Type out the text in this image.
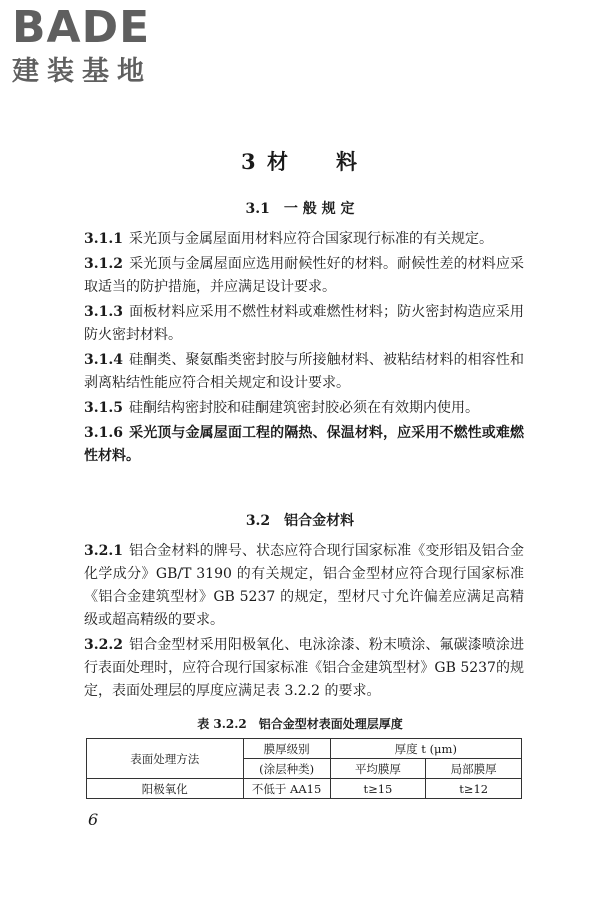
BADE
建装基地
3 材　　料
3.1　一 般 规 定

3.1.1 采光顶与金属屋面用材料应符合国家现行标准的有关规定。

3.1.2 采光顶与金属屋面应选用耐候性好的材料。耐候性差的材料应采取适当的防护措施，并应满足设计要求。

3.1.3 面板材料应采用不燃性材料或难燃性材料；防火密封构造应采用防火密封材料。

3.1.4 硅酮类、聚氨酯类密封胶与所接触材料、被粘结材料的相容性和剥离粘结性能应符合相关规定和设计要求。

3.1.5 硅酮结构密封胶和硅酮建筑密封胶必须在有效期内使用。

3.1.6 采光顶与金属屋面工程的隔热、保温材料，应采用不燃性或难燃性材料。

3.2　铝合金材料

3.2.1 铝合金材料的牌号、状态应符合现行国家标准《变形铝及铝合金化学成分》GB/T 3190 的有关规定，铝合金型材应符合现行国家标准《铝合金建筑型材》GB 5237 的规定，型材尺寸允许偏差应满足高精级或超高精级的要求。

3.2.2 铝合金型材采用阳极氧化、电泳涂漆、粉末喷涂、氟碳漆喷涂进行表面处理时，应符合现行国家标准《铝合金建筑型材》GB 5237的规定，表面处理层的厚度应满足表 3.2.2 的要求。

表 3.2.2　铝合金型材表面处理层厚度
表面处理方法	膜厚级别	厚度 t (μm)	
	(涂层种类)	平均膜厚	局部膜厚
阳极氧化	不低于 AA15	t≥15	t≥12
6
